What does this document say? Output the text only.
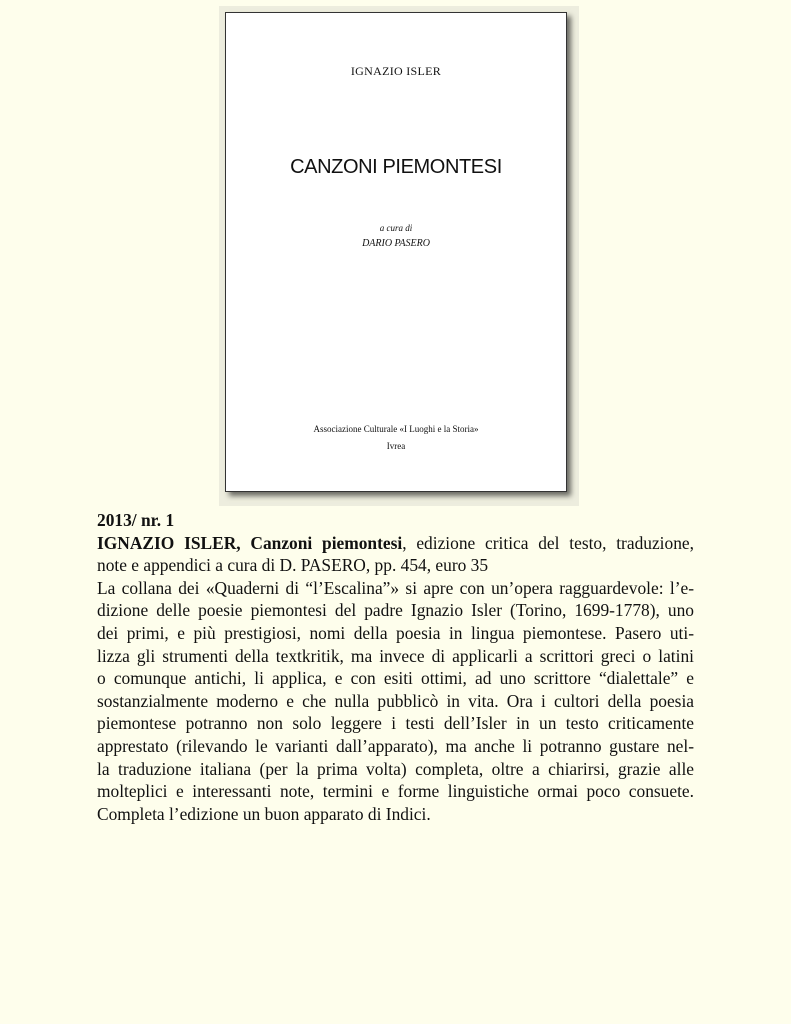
IGNAZIO ISLER
CANZONI PIEMONTESI
a cura di
DARIO PASERO
Associazione Culturale «I Luoghi e la Storia»
Ivrea
2013/ nr. 1
IGNAZIO ISLER, Canzoni piemontesi, edizione critica del testo, traduzione,
note e appendici a cura di D. PASERO, pp. 454, euro 35
La collana dei «Quaderni di “l’Escalina”» si apre con un’opera ragguardevole: l’e-
dizione delle poesie piemontesi del padre Ignazio Isler (Torino, 1699-1778), uno
dei primi, e più prestigiosi, nomi della poesia in lingua piemontese. Pasero uti-
lizza gli strumenti della textkritik, ma invece di applicarli a scrittori greci o latini
o comunque antichi, li applica, e con esiti ottimi, ad uno scrittore “dialettale” e
sostanzialmente moderno e che nulla pubblicò in vita. Ora i cultori della poesia
piemontese potranno non solo leggere i testi dell’Isler in un testo criticamente
apprestato (rilevando le varianti dall’apparato), ma anche li potranno gustare nel-
la traduzione italiana (per la prima volta) completa, oltre a chiarirsi, grazie alle
molteplici e interessanti note, termini e forme linguistiche ormai poco consuete.
Completa l’edizione un buon apparato di Indici.
